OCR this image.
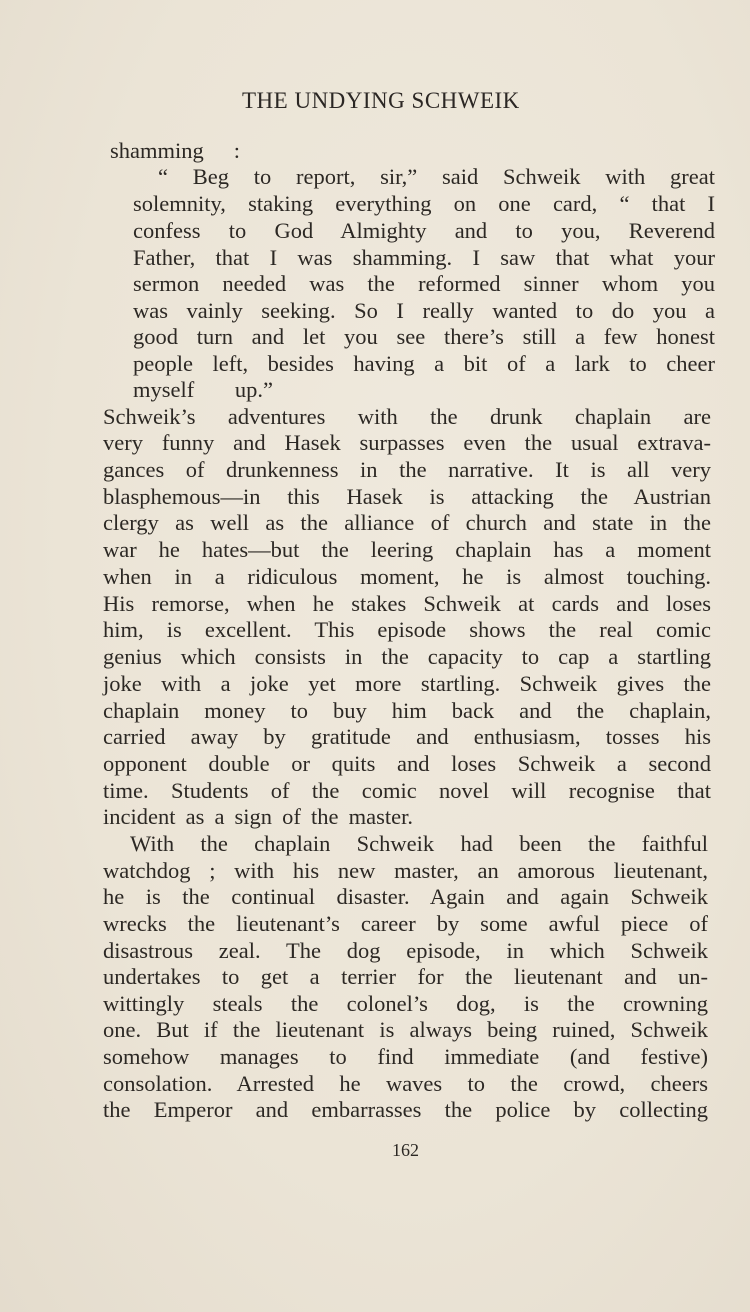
THE UNDYING SCHWEIK
shamming :
“ Beg to report, sir,” said Schweik with great
solemnity, staking everything on one card, “ that I
confess to God Almighty and to you, Reverend
Father, that I was shamming. I saw that what your
sermon needed was the reformed sinner whom you
was vainly seeking. So I really wanted to do you a
good turn and let you see there’s still a few honest
people left, besides having a bit of a lark to cheer
myself up.”
Schweik’s adventures with the drunk chaplain are
very funny and Hasek surpasses even the usual extrava-
gances of drunkenness in the narrative. It is all very
blasphemous—in this Hasek is attacking the Austrian
clergy as well as the alliance of church and state in the
war he hates—but the leering chaplain has a moment
when in a ridiculous moment, he is almost touching.
His remorse, when he stakes Schweik at cards and loses
him, is excellent. This episode shows the real comic
genius which consists in the capacity to cap a startling
joke with a joke yet more startling. Schweik gives the
chaplain money to buy him back and the chaplain,
carried away by gratitude and enthusiasm, tosses his
opponent double or quits and loses Schweik a second
time. Students of the comic novel will recognise that
incident as a sign of the master.
With the chaplain Schweik had been the faithful
watchdog ; with his new master, an amorous lieutenant,
he is the continual disaster. Again and again Schweik
wrecks the lieutenant’s career by some awful piece of
disastrous zeal. The dog episode, in which Schweik
undertakes to get a terrier for the lieutenant and un-
wittingly steals the colonel’s dog, is the crowning
one. But if the lieutenant is always being ruined, Schweik
somehow manages to find immediate (and festive)
consolation. Arrested he waves to the crowd, cheers
the Emperor and embarrasses the police by collecting
162
